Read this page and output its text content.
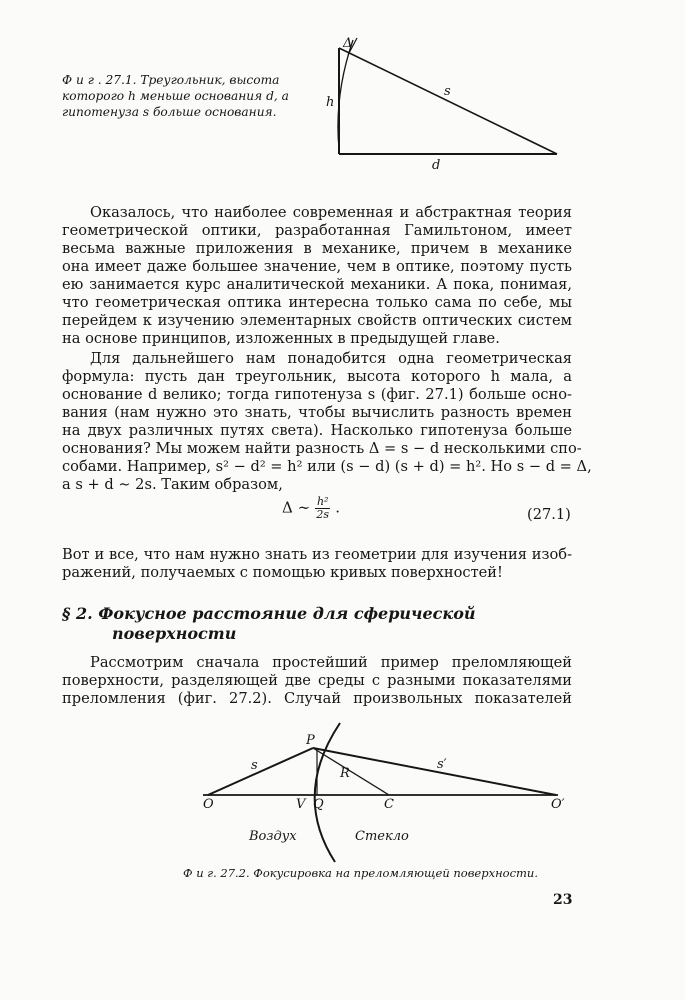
Ф и г . 27.1. Треугольник, высота
которого h меньше основания d, а
гипотенуза s больше основания.
Δ
h
s
d
P
s	s′
R
O	V Q	C	O′
Воздух	Стекло
Оказалось, что наиболее современная и абстрактная теория
геометрической оптики, разработанная Гамильтоном, имеет
весьма важные приложения в механике, причем в механике
она имеет даже большее значение, чем в оптике, поэтому пусть
ею занимается курс аналитической механики. А пока, понимая,
что геометрическая оптика интересна только сама по себе, мы
перейдем к изучению элементарных свойств оптических систем
на основе принципов, изложенных в предыдущей главе.
Для дальнейшего нам понадобится одна геометрическая
формула: пусть дан треугольник, высота которого h мала, а
основание d велико; тогда гипотенуза s (фиг. 27.1) больше осно-
вания (нам нужно это знать, чтобы вычислить разность времен
на двух различных путях света). Насколько гипотенуза больше
основания? Мы можем найти разность Δ = s − d несколькими спо-
собами. Например, s² − d² = h² или (s − d) (s + d) = h². Но s − d = Δ,
а s + d ∼ 2s. Таким образом,
Δ ∼ $\frac{\text{h²}}{2s}$ .	(27.1)
Вот и все, что нам нужно знать из геометрии для изучения изоб-
ражений, получаемых с помощью кривых поверхностей!
§ 2. Фокусное расстояние для сферической
поверхности
Рассмотрим сначала простейший пример преломляющей
поверхности, разделяющей две среды с разными показателями
преломления (фиг. 27.2). Случай произвольных показателей
Ф и г. 27.2. Фокусировка на преломляющей поверхности.
23
